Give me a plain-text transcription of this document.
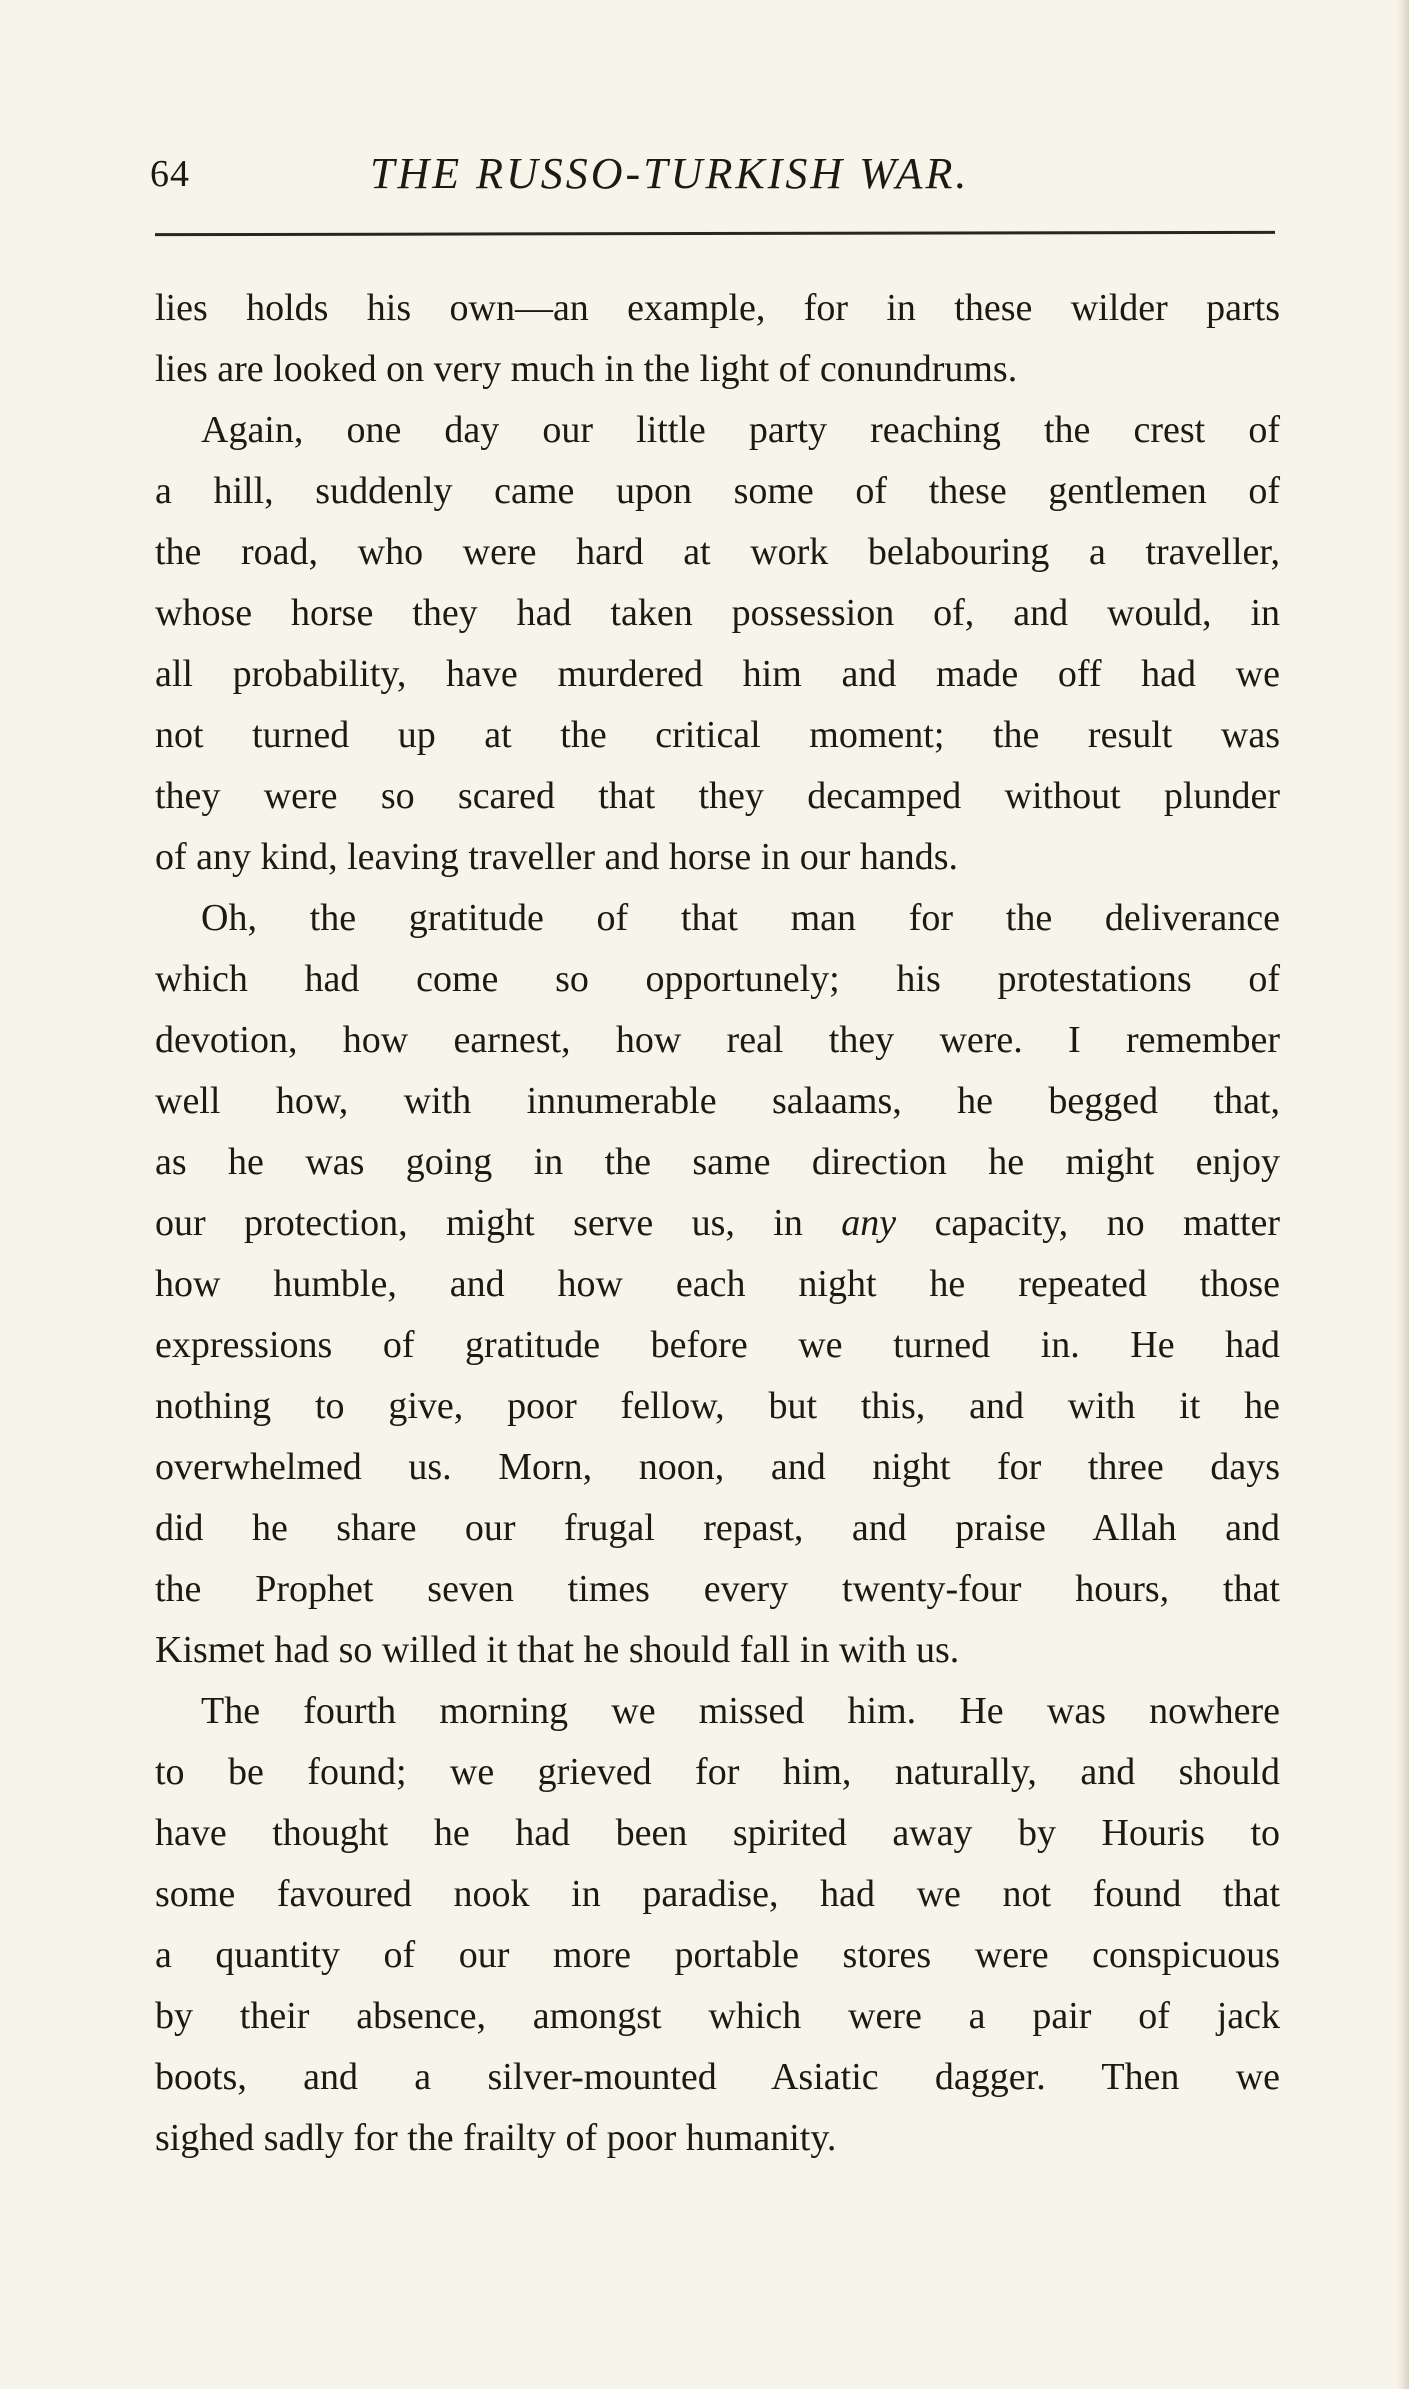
64	THE RUSSO-TURKISH WAR.
lies holds his own—an example, for in these wilder parts
lies are looked on very much in the light of conundrums.
Again, one day our little party reaching the crest of
a hill, suddenly came upon some of these gentlemen of
the road, who were hard at work belabouring a traveller,
whose horse they had taken possession of, and would, in
all probability, have murdered him and made off had we
not turned up at the critical moment; the result was
they were so scared that they decamped without plunder
of any kind, leaving traveller and horse in our hands.
Oh, the gratitude of that man for the deliverance
which had come so opportunely; his protestations of
devotion, how earnest, how real they were. I remember
well how, with innumerable salaams, he begged that,
as he was going in the same direction he might enjoy
our protection, might serve us, in any capacity, no matter
how humble, and how each night he repeated those
expressions of gratitude before we turned in. He had
nothing to give, poor fellow, but this, and with it he
overwhelmed us. Morn, noon, and night for three days
did he share our frugal repast, and praise Allah and
the Prophet seven times every twenty-four hours, that
Kismet had so willed it that he should fall in with us.
The fourth morning we missed him. He was nowhere
to be found; we grieved for him, naturally, and should
have thought he had been spirited away by Houris to
some favoured nook in paradise, had we not found that
a quantity of our more portable stores were conspicuous
by their absence, amongst which were a pair of jack
boots, and a silver-mounted Asiatic dagger. Then we
sighed sadly for the frailty of poor humanity.
